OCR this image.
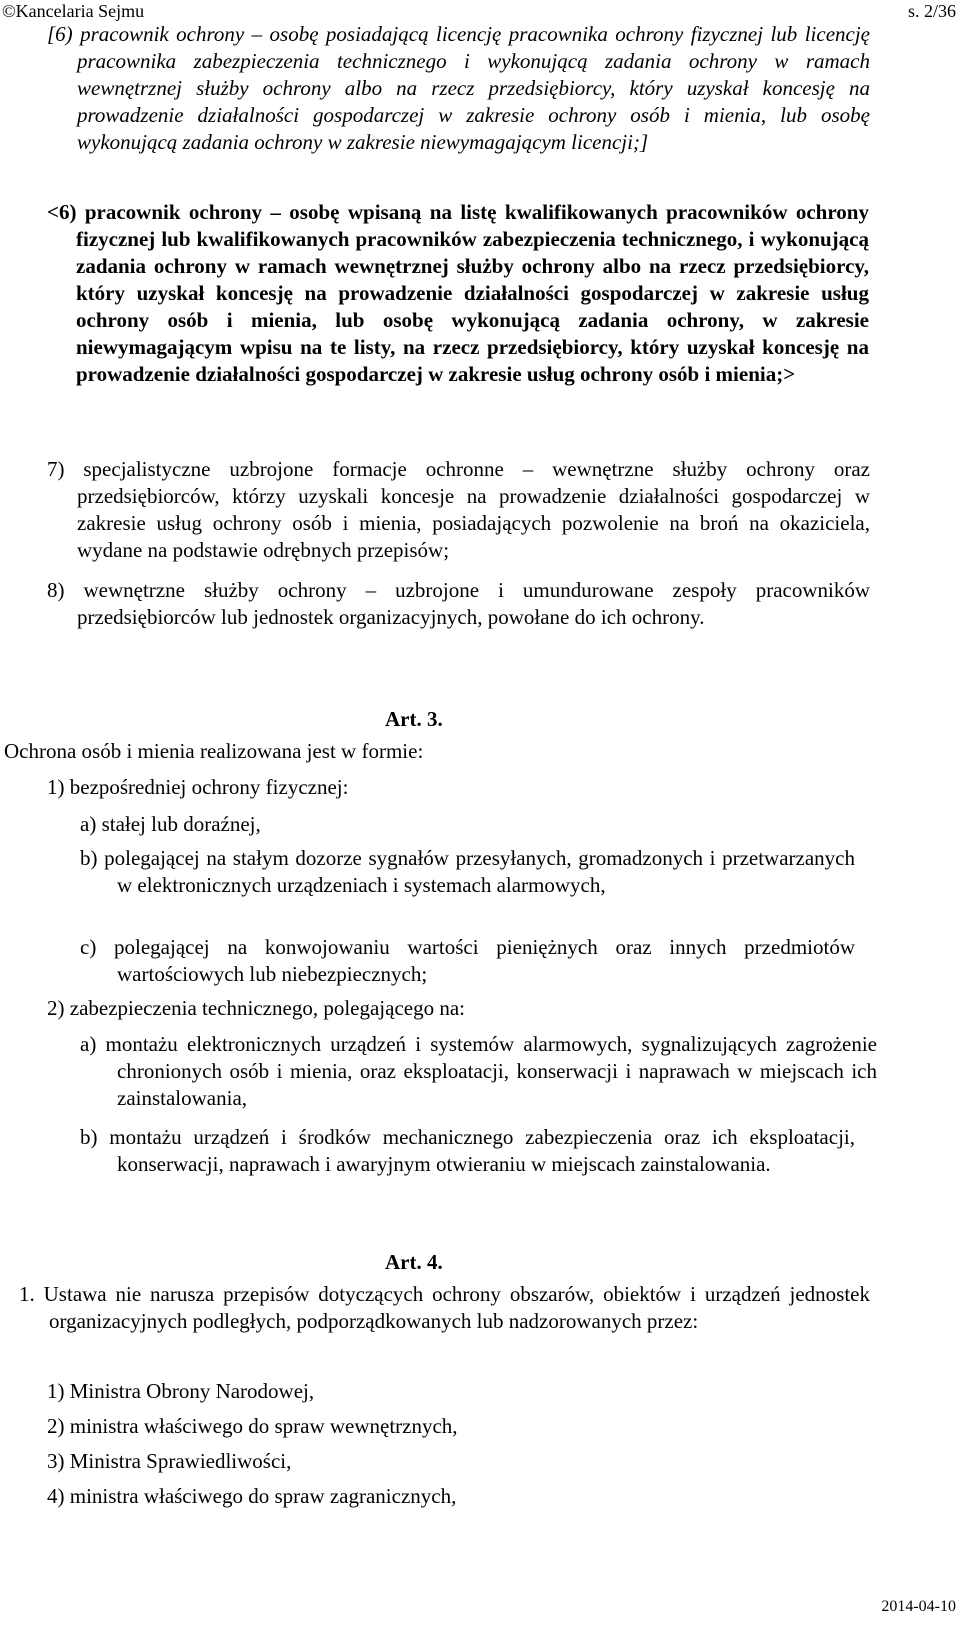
©Kancelaria Sejmu	s. 2/36
[6) pracownik ochrony – osobę posiadającą licencję pracownika ochrony fizycznej lub licencję pracownika zabezpieczenia technicznego i wykonującą zadania ochrony w ramach wewnętrznej służby ochrony albo na rzecz przedsiębiorcy, który uzyskał koncesję na prowadzenie działalności gospodarczej w zakresie ochrony osób i mienia, lub osobę wykonującą zadania ochrony w zakresie niewymagającym licencji;]
<6) pracownik ochrony – osobę wpisaną na listę kwalifikowanych pracowników ochrony fizycznej lub kwalifikowanych pracowników zabezpieczenia technicznego, i wykonującą zadania ochrony w ramach wewnętrznej służby ochrony albo na rzecz przedsiębiorcy, który uzyskał koncesję na prowadzenie działalności gospodarczej w zakresie usług ochrony osób i mienia, lub osobę wykonującą zadania ochrony, w zakresie niewymagającym wpisu na te listy, na rzecz przedsiębiorcy, który uzyskał koncesję na prowadzenie działalności gospodarczej w zakresie usług ochrony osób i mienia;>
7) specjalistyczne uzbrojone formacje ochronne – wewnętrzne służby ochrony oraz przedsiębiorców, którzy uzyskali koncesje na prowadzenie działalności gospodarczej w zakresie usług ochrony osób i mienia, posiadających pozwolenie na broń na okaziciela, wydane na podstawie odrębnych przepisów;
8) wewnętrzne służby ochrony – uzbrojone i umundurowane zespoły pracowników przedsiębiorców lub jednostek organizacyjnych, powołane do ich ochrony.
Art. 3.
Ochrona osób i mienia realizowana jest w formie:
1) bezpośredniej ochrony fizycznej:
a) stałej lub doraźnej,
b) polegającej na stałym dozorze sygnałów przesyłanych, gromadzonych i przetwarzanych w elektronicznych urządzeniach i systemach alarmowych,
c) polegającej na konwojowaniu wartości pieniężnych oraz innych przedmiotów wartościowych lub niebezpiecznych;
2) zabezpieczenia technicznego, polegającego na:
a) montażu elektronicznych urządzeń i systemów alarmowych, sygnalizujących zagrożenie chronionych osób i mienia, oraz eksploatacji, konserwacji i naprawach w miejscach ich zainstalowania,
b) montażu urządzeń i środków mechanicznego zabezpieczenia oraz ich eksploatacji, konserwacji, naprawach i awaryjnym otwieraniu w miejscach zainstalowania.
Art. 4.
1. Ustawa nie narusza przepisów dotyczących ochrony obszarów, obiektów i urządzeń jednostek organizacyjnych podległych, podporządkowanych lub nadzorowanych przez:
1) Ministra Obrony Narodowej,
2) ministra właściwego do spraw wewnętrznych,
3) Ministra Sprawiedliwości,
4) ministra właściwego do spraw zagranicznych,
2014-04-10
